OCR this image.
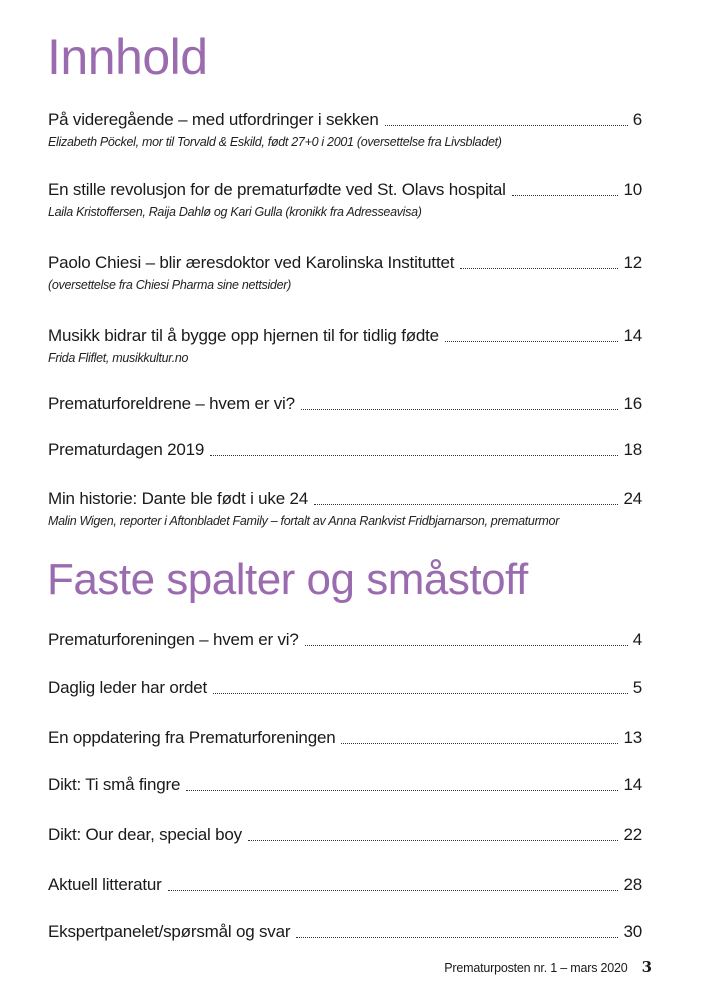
Innhold
På videregående – med utfordringer i sekken	6
Elizabeth Pöckel, mor til Torvald & Eskild, født 27+0 i 2001 (oversettelse fra Livsbladet)
En stille revolusjon for de prematurfødte ved St. Olavs hospital	10
Laila Kristoffersen, Raija Dahlø og Kari Gulla (kronikk fra Adresseavisa)
Paolo Chiesi – blir æresdoktor ved Karolinska Instituttet	12
(oversettelse fra Chiesi Pharma sine nettsider)
Musikk bidrar til å bygge opp hjernen til for tidlig fødte	14
Frida Fliflet, musikkultur.no
Prematurforeldrene – hvem er vi?	16
Prematurdagen 2019	18
Min historie: Dante ble født i uke 24	24
Malin Wigen, reporter i Aftonbladet Family – fortalt av Anna Rankvist Fridbjarnarson, prematurmor
Faste spalter og småstoff
Prematurforeningen – hvem er vi?	4
Daglig leder har ordet	5
En oppdatering fra Prematurforeningen	13
Dikt: Ti små fingre	14
Dikt: Our dear, special boy	22
Aktuell litteratur	28
Ekspertpanelet/spørsmål og svar	30
Prematurposten nr. 1 – mars 2020 3
